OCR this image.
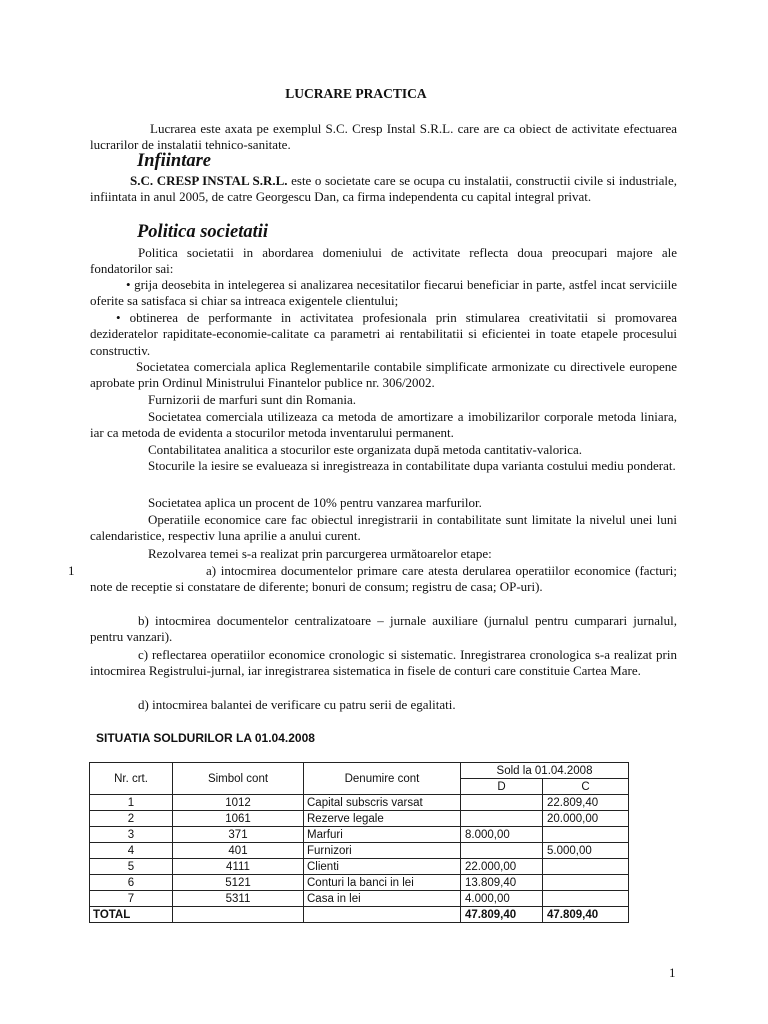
LUCRARE PRACTICA

Lucrarea este axata pe exemplul S.C. Cresp Instal S.R.L. care are ca obiect de activitate efectuarea lucrarilor de instalatii tehnico-sanitate.

Infiintare

S.C. CRESP INSTAL S.R.L. este o societate care se ocupa cu instalatii, constructii civile si industriale, infiintata in anul 2005, de catre Georgescu Dan, ca firma independenta cu capital integral privat.

Politica societatii

Politica societatii in abordarea domeniului de activitate reflecta doua preocupari majore ale fondatorilor sai:

• grija deosebita in intelegerea si analizarea necesitatilor fiecarui beneficiar in parte, astfel incat serviciile oferite sa satisfaca si chiar sa intreaca exigentele clientului;

• obtinerea de performante in activitatea profesionala prin stimularea creativitatii si promovarea dezideratelor rapiditate-economie-calitate ca parametri ai rentabilitatii si eficientei in toate etapele procesului constructiv.

Societatea comerciala aplica Reglementarile contabile simplificate armonizate cu directivele europene aprobate prin Ordinul Ministrului Finantelor publice nr. 306/2002.

Furnizorii de marfuri sunt din Romania.

Societatea comerciala utilizeaza ca metoda de amortizare a imobilizarilor corporale metoda liniara, iar ca metoda de evidenta a stocurilor metoda inventarului permanent.

Contabilitatea analitica a stocurilor este organizata după metoda cantitativ-valorica.

Stocurile la iesire se evalueaza si inregistreaza in contabilitate dupa varianta costului mediu ponderat.

Societatea aplica un procent de 10% pentru vanzarea marfurilor.

Operatiile economice care fac obiectul inregistrarii in contabilitate sunt limitate la nivelul unei luni calendaristice, respectiv luna aprilie a anului curent.

Rezolvarea temei s-a realizat prin parcurgerea următoarelor etape:

1	a) intocmirea documentelor primare care atesta derularea operatiilor economice (facturi; note de receptie si constatare de diferente; bonuri de consum; registru de casa; OP-uri).

b) intocmirea documentelor centralizatoare – jurnale auxiliare (jurnalul pentru cumparari jurnalul, pentru vanzari).

c) reflectarea operatiilor economice cronologic si sistematic. Inregistrarea cronologica s-a realizat prin intocmirea Registrului-jurnal, iar inregistrarea sistematica in fisele de conturi care constituie Cartea Mare.

d) intocmirea balantei de verificare cu patru serii de egalitati.

SITUATIA SOLDURILOR LA 01.04.2008
Nr. crt.	Simbol cont	Denumire cont	Sold la 01.04.2008	
			D	C
1	1012	Capital subscris varsat		22.809,40
2	1061	Rezerve legale		20.000,00
3	371	Marfuri	8.000,00	
4	401	Furnizori		5.000,00
5	4111	Clienti	22.000,00	
6	5121	Conturi la banci in lei	13.809,40	
7	5311	Casa in lei	4.000,00	
TOTAL			47.809,40	47.809,40
1
